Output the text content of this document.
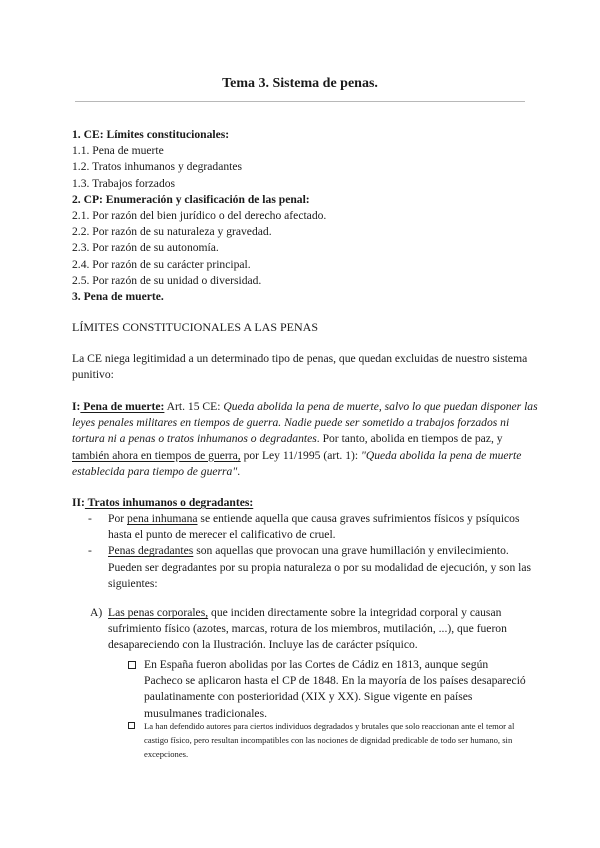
Tema 3. Sistema de penas.
1. CE: Límites constitucionales:
1.1. Pena de muerte
1.2. Tratos inhumanos y degradantes
1.3. Trabajos forzados
2. CP: Enumeración y clasificación de las penal:
2.1. Por razón del bien jurídico o del derecho afectado.
2.2. Por razón de su naturaleza y gravedad.
2.3. Por razón de su autonomía.
2.4. Por razón de su carácter principal.
2.5. Por razón de su unidad o diversidad.
3. Pena de muerte.
LÍMITES CONSTITUCIONALES A LAS PENAS
La CE niega legitimidad a un determinado tipo de penas, que quedan excluidas de nuestro sistema punitivo:
I: Pena de muerte: Art. 15 CE: Queda abolida la pena de muerte, salvo lo que puedan disponer las leyes penales militares en tiempos de guerra. Nadie puede ser sometido a trabajos forzados ni tortura ni a penas o tratos inhumanos o degradantes. Por tanto, abolida en tiempos de paz, y también ahora en tiempos de guerra, por Ley 11/1995 (art. 1): "Queda abolida la pena de muerte establecida para tiempo de guerra".
II: Tratos inhumanos o degradantes:
- Por pena inhumana se entiende aquella que causa graves sufrimientos físicos y psíquicos hasta el punto de merecer el calificativo de cruel.
- Penas degradantes son aquellas que provocan una grave humillación y envilecimiento. Pueden ser degradantes por su propia naturaleza o por su modalidad de ejecución, y son las siguientes:
A) Las penas corporales, que inciden directamente sobre la integridad corporal y causan sufrimiento físico (azotes, marcas, rotura de los miembros, mutilación, ...), que fueron desapareciendo con la Ilustración. Incluye las de carácter psíquico.
En España fueron abolidas por las Cortes de Cádiz en 1813, aunque según Pacheco se aplicaron hasta el CP de 1848. En la mayoría de los países desapareció paulatinamente con posterioridad (XIX y XX). Sigue vigente en países musulmanes tradicionales.
La han defendido autores para ciertos individuos degradados y brutales que solo reaccionan ante el temor al castigo físico, pero resultan incompatibles con las nociones de dignidad predicable de todo ser humano, sin excepciones.
